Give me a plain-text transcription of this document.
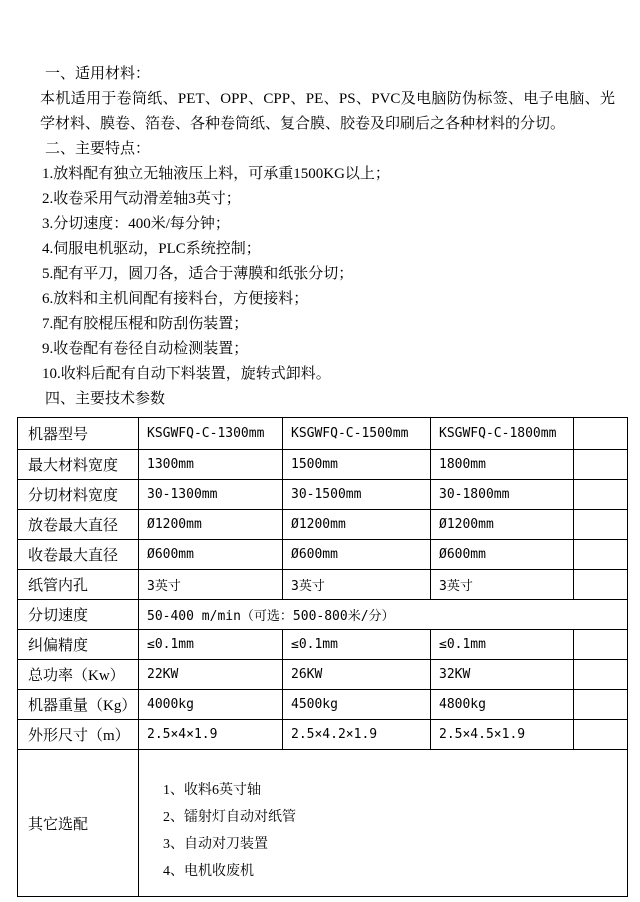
一、适用材料：

本机适用于卷筒纸、PET、OPP、CPP、PE、PS、PVC及电脑防伪标签、电子电脑、光学材料、膜卷、箔卷、各种卷筒纸、复合膜、胶卷及印刷后之各种材料的分切。

二、主要特点：

1.放料配有独立无轴液压上料，可承重1500KG以上；

2.收卷采用气动滑差轴3英寸；

3.分切速度：400米/每分钟；

4.伺服电机驱动，PLC系统控制；

5.配有平刀，圆刀各，适合于薄膜和纸张分切；

6.放料和主机间配有接料台，方便接料；

7.配有胶棍压棍和防刮伤装置；

9.收卷配有卷径自动检测装置；

10.收料后配有自动下料装置，旋转式卸料。

四、主要技术参数

机器型号	KSGWFQ-C-1300mm	KSGWFQ-C-1500mm	KSGWFQ-C-1800mm	
最大材料宽度	1300mm	1500mm	1800mm	
分切材料宽度	30-1300mm	30-1500mm	30-1800mm	
放卷最大直径	Ø1200mm	Ø1200mm	Ø1200mm	
收卷最大直径	Ø600mm	Ø600mm	Ø600mm	
纸管内孔	3英寸	3英寸	3英寸	
分切速度	50-400 m/min（可选：500-800米/分）			
纠偏精度	≤0.1mm	≤0.1mm	≤0.1mm	
总功率（Kw）	22KW	26KW	32KW	
机器重量（Kg）	4000kg	4500kg	4800kg	
外形尺寸（m）	2.5×4×1.9	2.5×4.2×1.9	2.5×4.5×1.9	
其它选配	1、收料6英寸轴
2、镭射灯自动对纸管
3、自动对刀装置
4、电机收废机			
